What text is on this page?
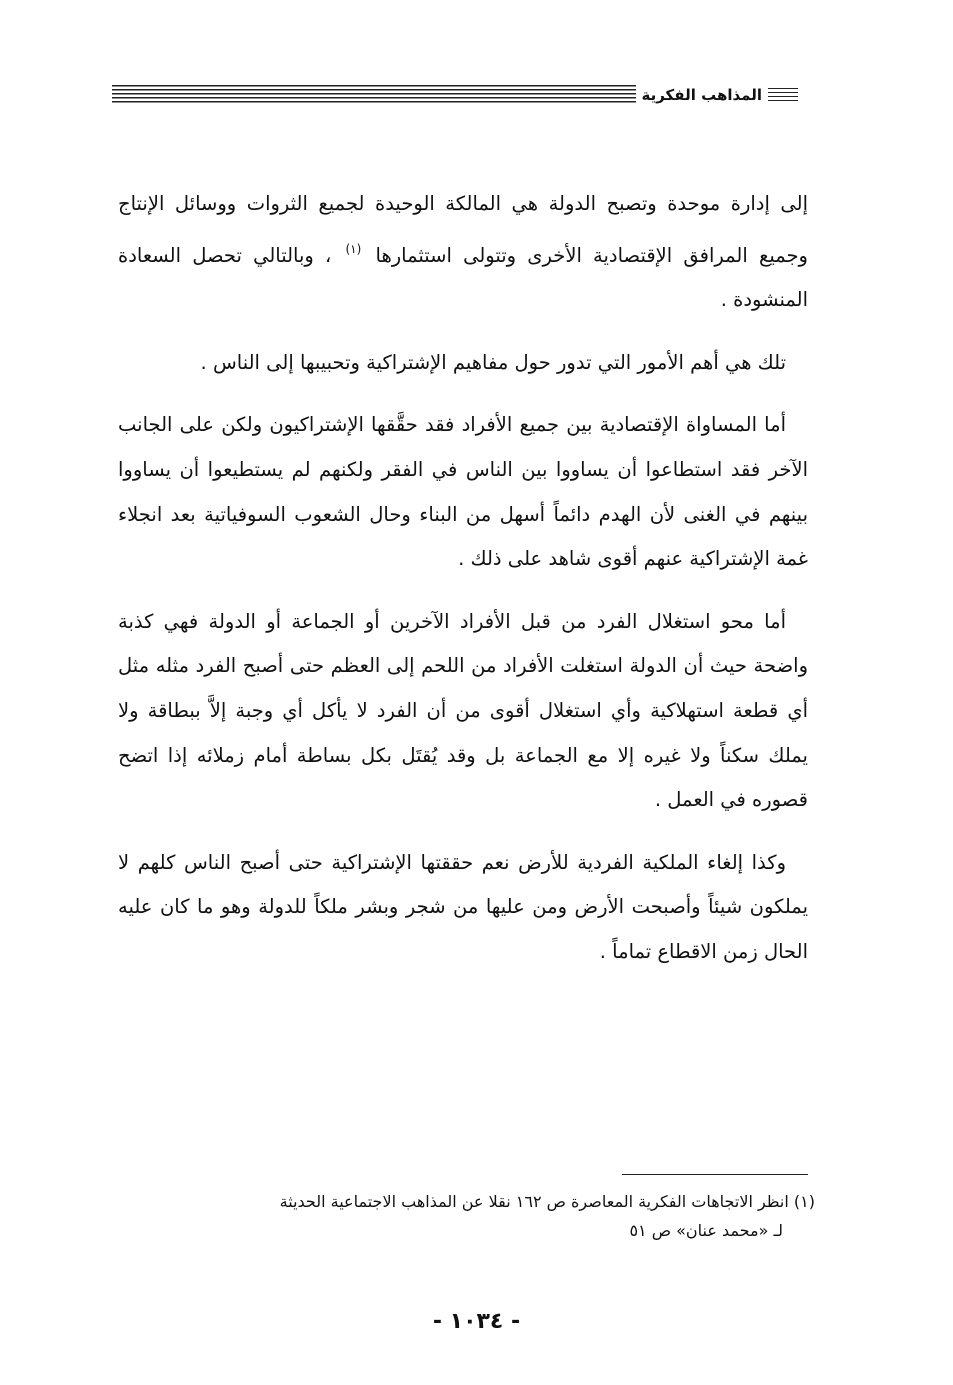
المذاهب الفكرية

إلى إدارة موحدة وتصبح الدولة هي المالكة الوحيدة لجميع الثروات ووسائل الإنتاج وجميع المرافق الإقتصادية الأخرى وتتولى استثمارها $^{(١)}$ ، وبالتالي تحصل السعادة المنشودة .

تلك هي أهم الأمور التي تدور حول مفاهيم الإشتراكية وتحبيبها إلى الناس .

أما المساواة الإقتصادية بين جميع الأفراد فقد حقَّقها الإشتراكيون ولكن على الجانب الآخر فقد استطاعوا أن يساووا بين الناس في الفقر ولكنهم لم يستطيعوا أن يساووا بينهم في الغنى لأن الهدم دائماً أسهل من البناء وحال الشعوب السوفياتية بعد انجلاء غمة الإشتراكية عنهم أقوى شاهد على ذلك .

أما محو استغلال الفرد من قبل الأفراد الآخرين أو الجماعة أو الدولة فهي كذبة واضحة حيث أن الدولة استغلت الأفراد من اللحم إلى العظم حتى أصبح الفرد مثله مثل أي قطعة استهلاكية وأي استغلال أقوى من أن الفرد لا يأكل أي وجبة إلاَّ ببطاقة ولا يملك سكناً ولا غيره إلا مع الجماعة بل وقد يُقتَل بكل بساطة أمام زملائه إذا اتضح قصوره في العمل .

وكذا إلغاء الملكية الفردية للأرض نعم حققتها الإشتراكية حتى أصبح الناس كلهم لا يملكون شيئاً وأصبحت الأرض ومن عليها من شجر وبشر ملكاً للدولة وهو ما كان عليه الحال زمن الاقطاع تماماً .

(١) انظر الاتجاهات الفكرية المعاصرة ص ١٦٢ نقلا عن المذاهب الاجتماعية الحديثة

لـ «محمد عنان» ص ٥١

- ١٠٣٤ -
